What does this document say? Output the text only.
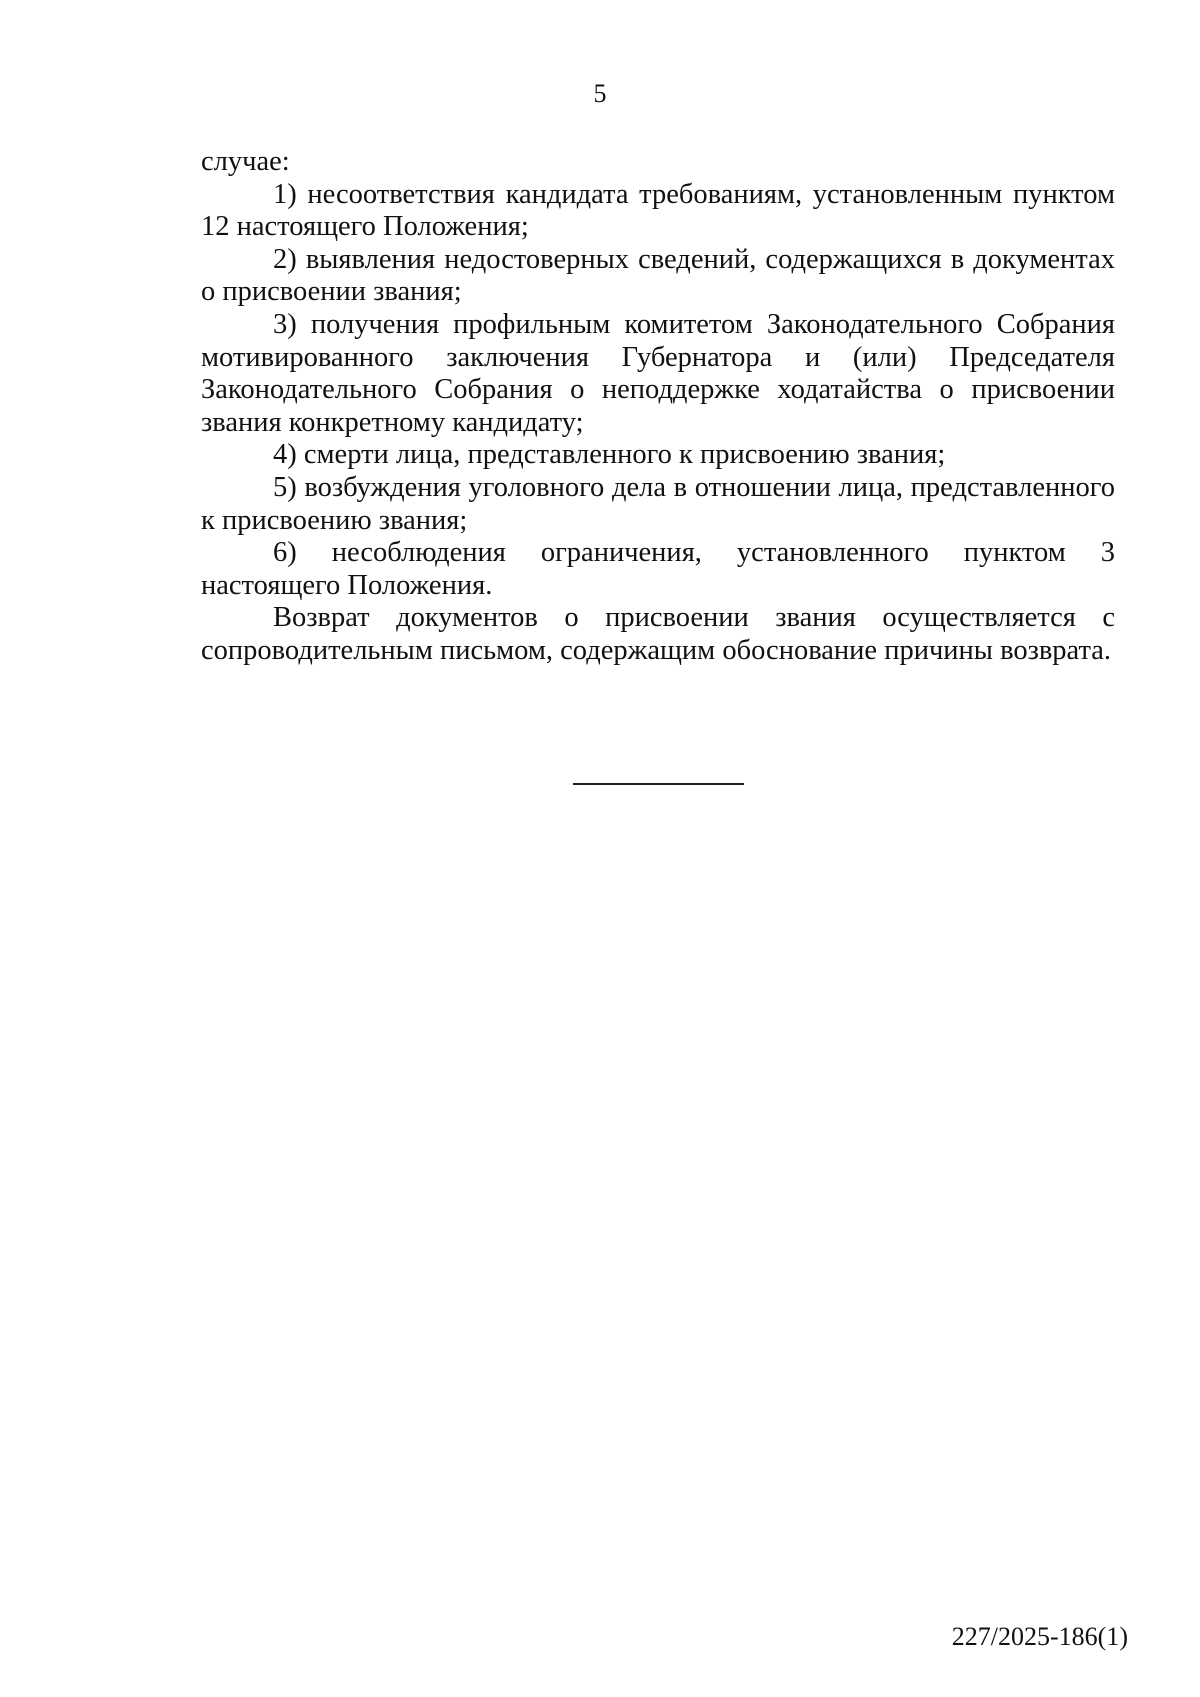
5

случае:

1) несоответствия кандидата требованиям, установленным пунктом 12 настоящего Положения;

2) выявления недостоверных сведений, содержащихся в документах о присвоении звания;

3) получения профильным комитетом Законодательного Собрания мотивированного заключения Губернатора и (или) Председателя Законодательного Собрания о неподдержке ходатайства о присвоении звания конкретному кандидату;

4) смерти лица, представленного к присвоению звания;

5) возбуждения уголовного дела в отношении лица, представленного к присвоению звания;

6) несоблюдения ограничения, установленного пунктом 3

настоящего Положения.

Возврат документов о присвоении звания осуществляется с сопроводительным письмом, содержащим обоснование причины возврата.

227/2025-186(1)
